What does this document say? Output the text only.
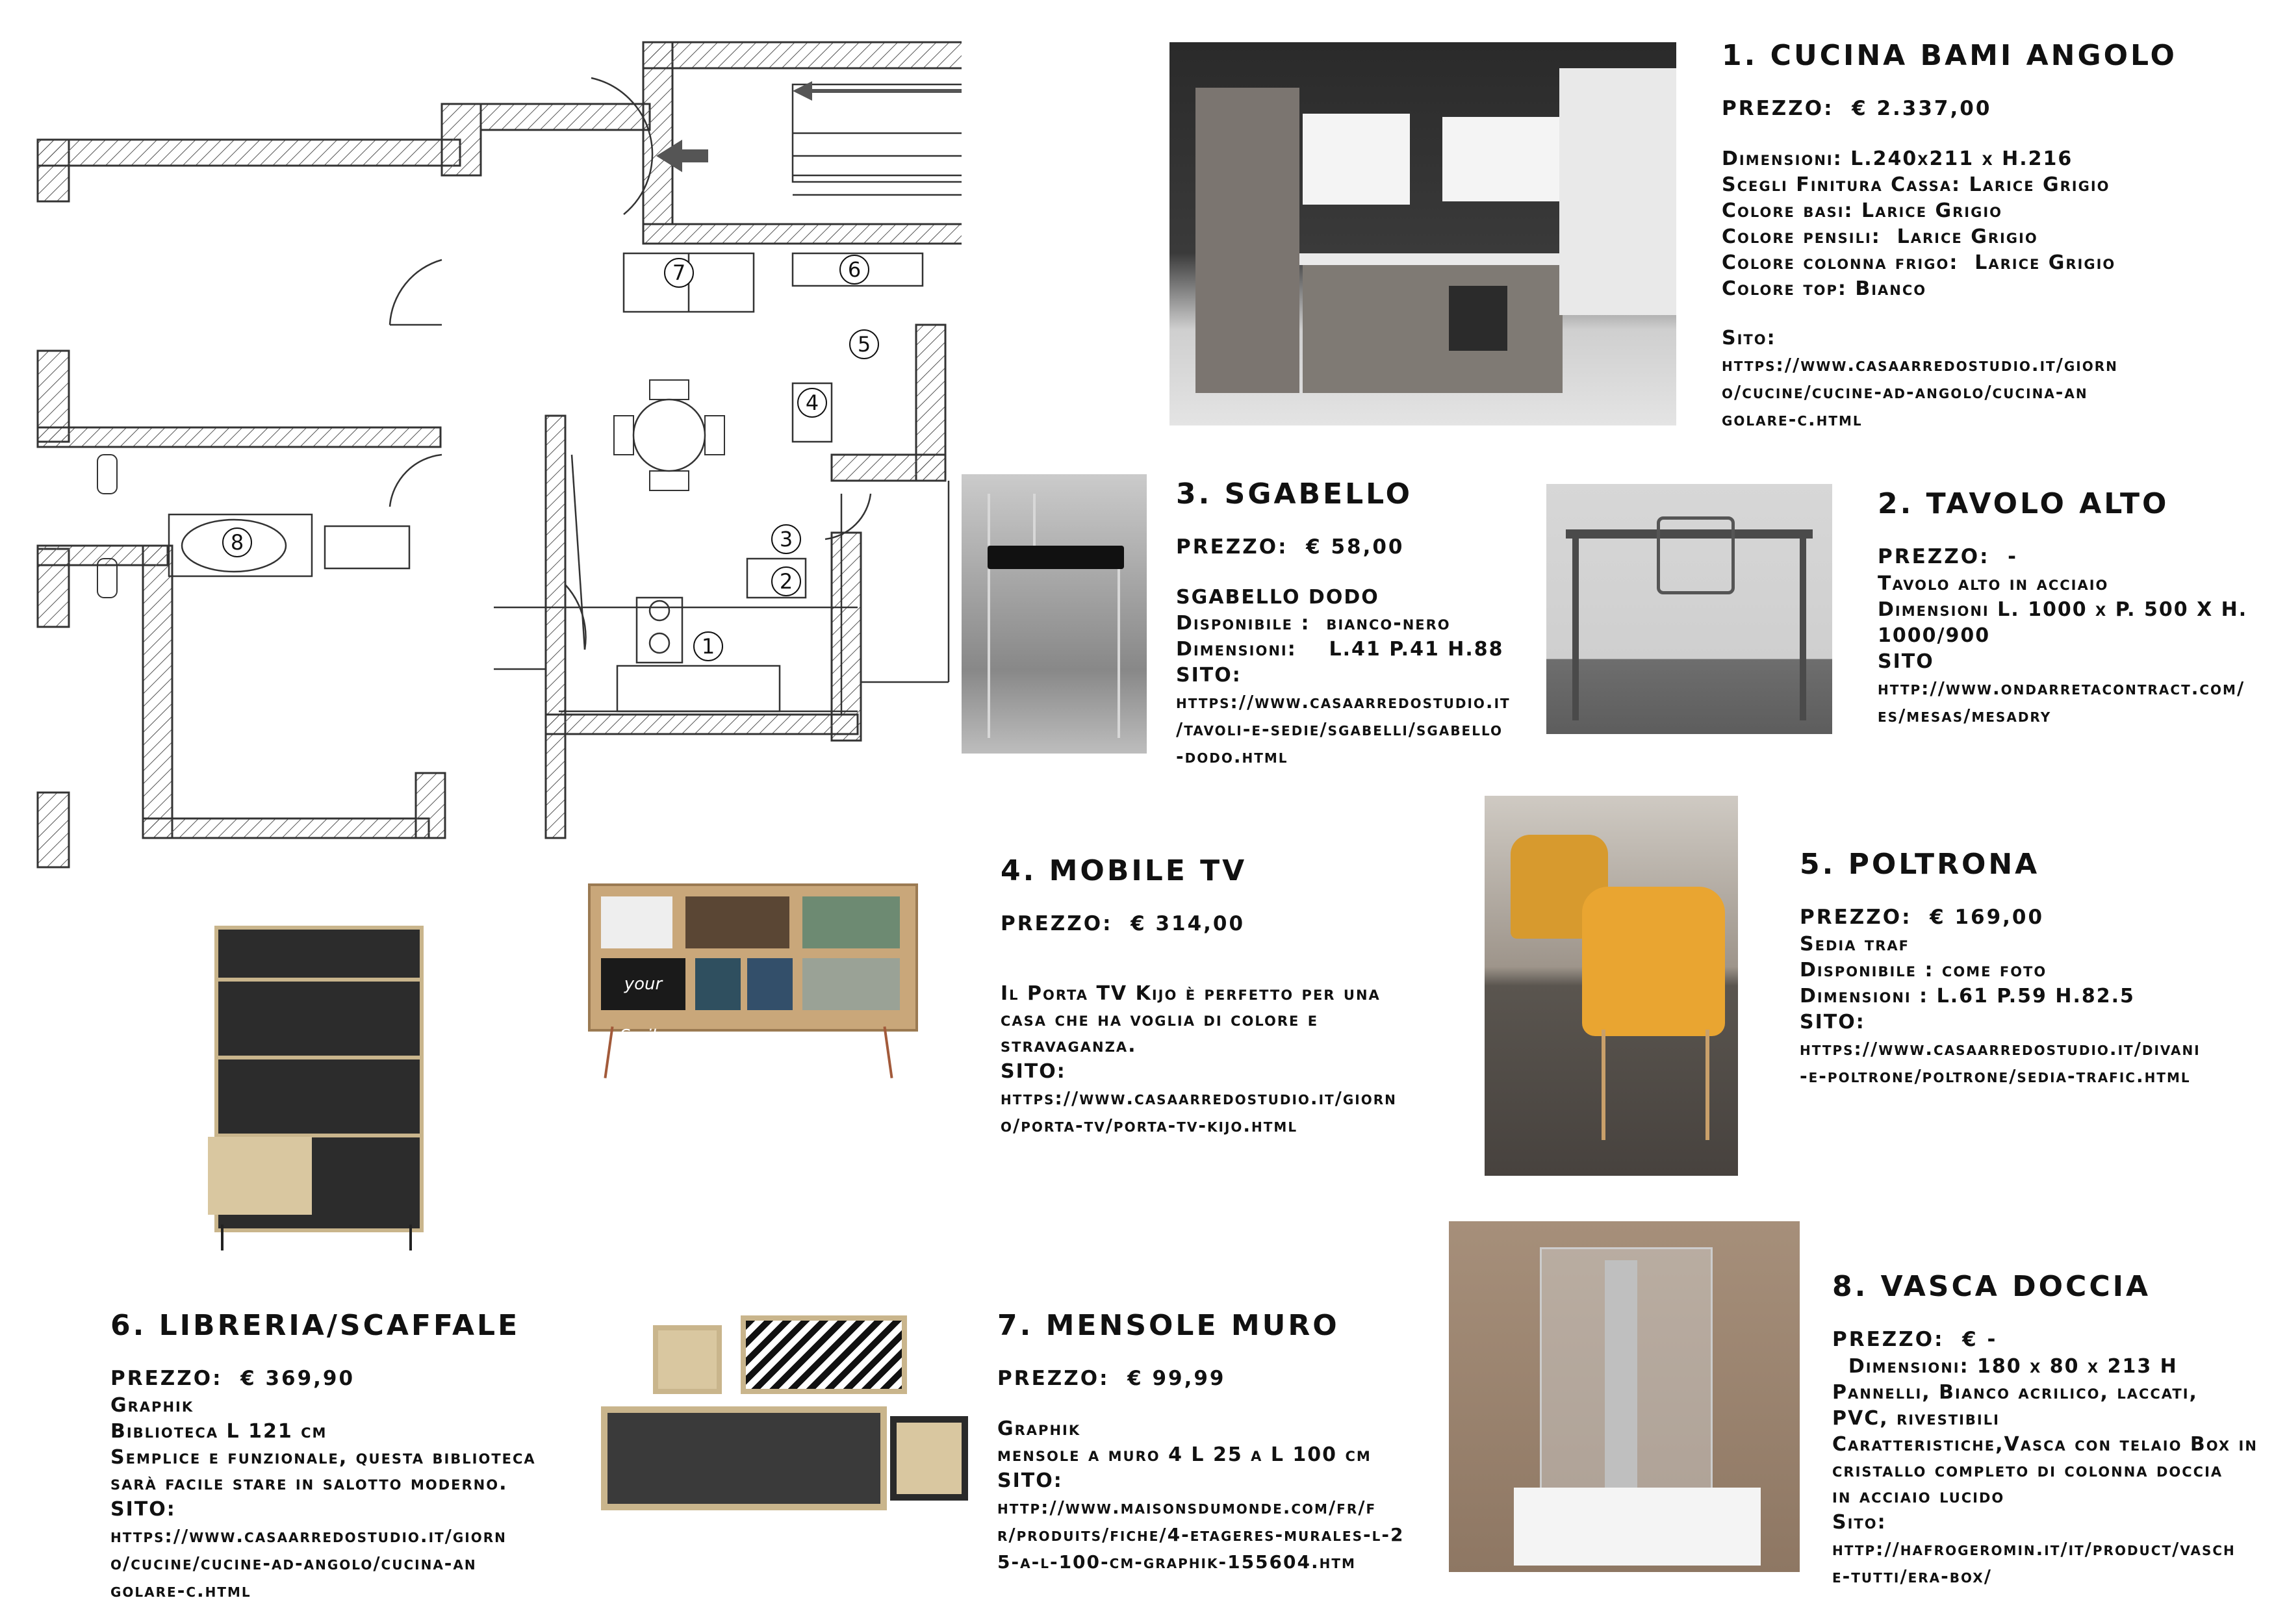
1
2
3
4
5
6
7
8
your Smile
1. CUCINA BAMI ANGOLO
PREZZO: € 2.337,00
Dimensioni: L.240x211 x H.216
Scegli Finitura Cassa: Larice Grigio
Colore basi: Larice Grigio
Colore pensili:  Larice Grigio
Colore colonna frigo:  Larice Grigio
Colore top: Bianco
Sito:
https://www.casaarredostudio.it/giorn
o/cucine/cucine-ad-angolo/cucina-an
golare-c.html
3. SGABELLO
PREZZO: € 58,00
SGABELLO DODO
Disponibile :  bianco-nero
Dimensioni:    L.41 P.41 H.88
SITO:
https://www.casaarredostudio.it
/tavoli-e-sedie/sgabelli/sgabello
-dodo.html
2. TAVOLO ALTO
PREZZO: -
Tavolo alto in acciaio
Dimensioni L. 1000 x P. 500 X H.
1000/900
SITO
http://www.ondarretacontract.com/
es/mesas/mesadry
4. MOBILE TV
PREZZO: € 314,00
Il Porta TV Kijo è perfetto per una
casa che ha voglia di colore e
stravaganza.
SITO:
https://www.casaarredostudio.it/giorn
o/porta-tv/porta-tv-kijo.html
5. POLTRONA
PREZZO: € 169,00
Sedia traf
Disponibile : come foto
Dimensioni : L.61 P.59 H.82.5
SITO:
https://www.casaarredostudio.it/divani
-e-poltrone/poltrone/sedia-trafic.html
6. LIBRERIA/SCAFFALE
PREZZO: € 369,90
Graphik
Biblioteca L 121 cm
Semplice e funzionale, questa biblioteca
sarà facile stare in salotto moderno.
SITO:
https://www.casaarredostudio.it/giorn
o/cucine/cucine-ad-angolo/cucina-an
golare-c.html
7. MENSOLE MURO
PREZZO: € 99,99
Graphik
mensole a muro 4 L 25 a L 100 cm
SITO:
http://www.maisonsdumonde.com/fr/f
r/produits/fiche/4-etageres-murales-l-2
5-a-l-100-cm-graphik-155604.htm
8. VASCA DOCCIA
PREZZO: € -
Dimensioni: 180 x 80 x 213 H
Pannelli, Bianco acrilico, laccati,
PVC, rivestibili
Caratteristiche,Vasca con telaio Box in
cristallo completo di colonna doccia
in acciaio lucido
Sito:
http://hafrogeromin.it/it/product/vasch
e-tutti/era-box/
